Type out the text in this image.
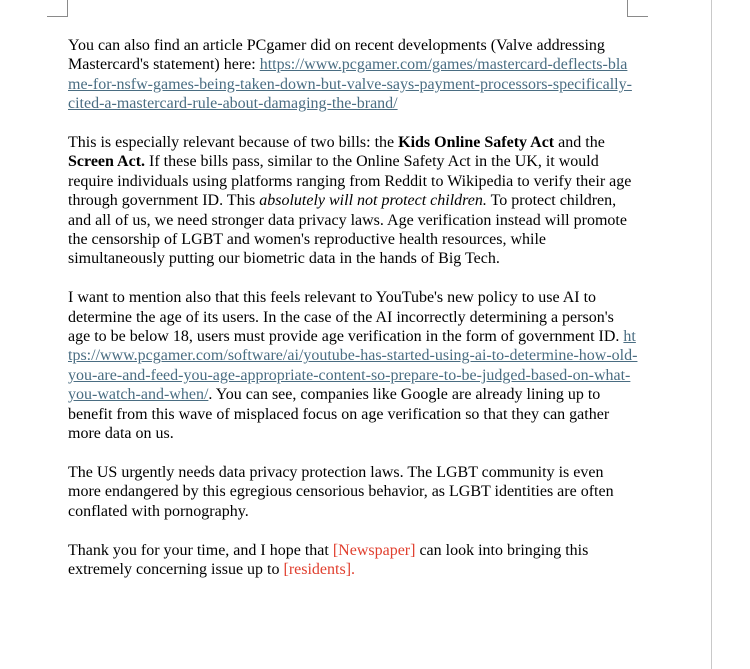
You can also find an article PCgamer did on recent developments (Valve addressing Mastercard's statement) here: https://www.pcgamer.com/games/mastercard-deflects-blame-for-nsfw-games-being-taken-down-but-valve-says-payment-processors-specifically-cited-a-mastercard-rule-about-damaging-the-brand/

This is especially relevant because of two bills: the Kids Online Safety Act and the Screen Act. If these bills pass, similar to the Online Safety Act in the UK, it would require individuals using platforms ranging from Reddit to Wikipedia to verify their age through government ID. This absolutely will not protect children. To protect children, and all of us, we need stronger data privacy laws. Age verification instead will promote the censorship of LGBT and women's reproductive health resources, while simultaneously putting our biometric data in the hands of Big Tech.

I want to mention also that this feels relevant to YouTube's new policy to use AI to determine the age of its users. In the case of the AI incorrectly determining a person's age to be below 18, users must provide age verification in the form of government ID. https://www.pcgamer.com/software/ai/youtube-has-started-using-ai-to-determine-how-old-you-are-and-feed-you-age-appropriate-content-so-prepare-to-be-judged-based-on-what-you-watch-and-when/. You can see, companies like Google are already lining up to benefit from this wave of misplaced focus on age verification so that they can gather more data on us.

The US urgently needs data privacy protection laws. The LGBT community is even more endangered by this egregious censorious behavior, as LGBT identities are often conflated with pornography.

Thank you for your time, and I hope that [Newspaper] can look into bringing this extremely concerning issue up to [residents].
